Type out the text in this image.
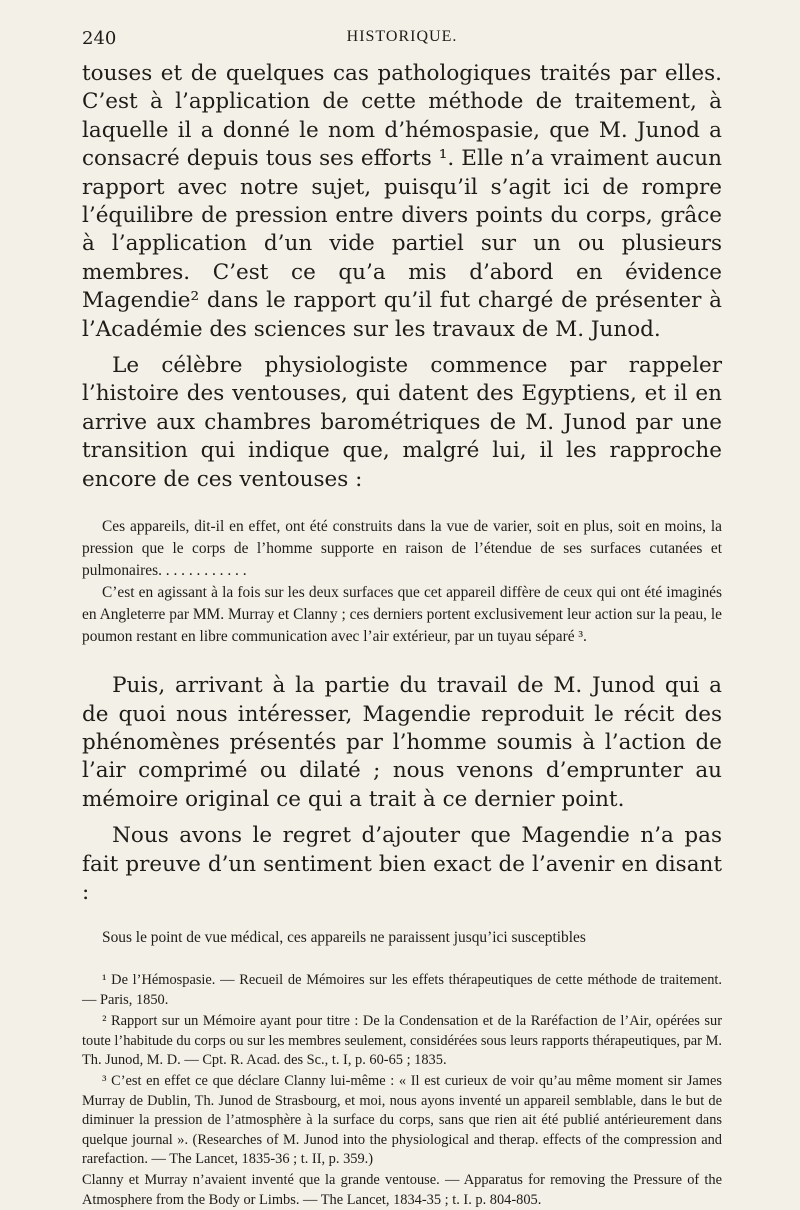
240	HISTORIQUE.

touses et de quelques cas pathologiques traités par elles. C’est à l’application de cette méthode de traitement, à laquelle il a donné le nom d’hémospasie, que M. Junod a consacré depuis tous ses efforts ¹. Elle n’a vraiment aucun rapport avec notre sujet, puisqu’il s’agit ici de rompre l’équilibre de pression entre divers points du corps, grâce à l’application d’un vide partiel sur un ou plusieurs membres. C’est ce qu’a mis d’abord en évidence Magendie² dans le rapport qu’il fut chargé de présenter à l’Académie des sciences sur les travaux de M. Junod.

Le célèbre physiologiste commence par rappeler l’histoire des ventouses, qui datent des Egyptiens, et il en arrive aux chambres barométriques de M. Junod par une transition qui indique que, malgré lui, il les rapproche encore de ces ventouses :

Ces appareils, dit-il en effet, ont été construits dans la vue de varier, soit en plus, soit en moins, la pression que le corps de l’homme supporte en raison de l’étendue de ses surfaces cutanées et pulmonaires. . . . . . . . . . . .

C’est en agissant à la fois sur les deux surfaces que cet appareil diffère de ceux qui ont été imaginés en Angleterre par MM. Murray et Clanny ; ces derniers portent exclusivement leur action sur la peau, le poumon restant en libre communication avec l’air extérieur, par un tuyau séparé ³.

Puis, arrivant à la partie du travail de M. Junod qui a de quoi nous intéresser, Magendie reproduit le récit des phénomènes présentés par l’homme soumis à l’action de l’air comprimé ou dilaté ; nous venons d’emprunter au mémoire original ce qui a trait à ce dernier point.

Nous avons le regret d’ajouter que Magendie n’a pas fait preuve d’un sentiment bien exact de l’avenir en disant :

Sous le point de vue médical, ces appareils ne paraissent jusqu’ici susceptibles

¹ De l’Hémospasie. — Recueil de Mémoires sur les effets thérapeutiques de cette méthode de traitement. — Paris, 1850.

² Rapport sur un Mémoire ayant pour titre : De la Condensation et de la Raréfaction de l’Air, opérées sur toute l’habitude du corps ou sur les membres seulement, considérées sous leurs rapports thérapeutiques, par M. Th. Junod, M. D. — Cpt. R. Acad. des Sc., t. I, p. 60-65 ; 1835.

³ C’est en effet ce que déclare Clanny lui-même : « Il est curieux de voir qu’au même moment sir James Murray de Dublin, Th. Junod de Strasbourg, et moi, nous ayons inventé un appareil semblable, dans le but de diminuer la pression de l’atmosphère à la surface du corps, sans que rien ait été publié antérieurement dans quelque journal ». (Researches of M. Junod into the physiological and therap. effects of the compression and rarefaction. — The Lancet, 1835-36 ; t. II, p. 359.)

Clanny et Murray n’avaient inventé que la grande ventouse. — Apparatus for removing the Pressure of the Atmosphere from the Body or Limbs. — The Lancet, 1834-35 ; t. I. p. 804-805.
